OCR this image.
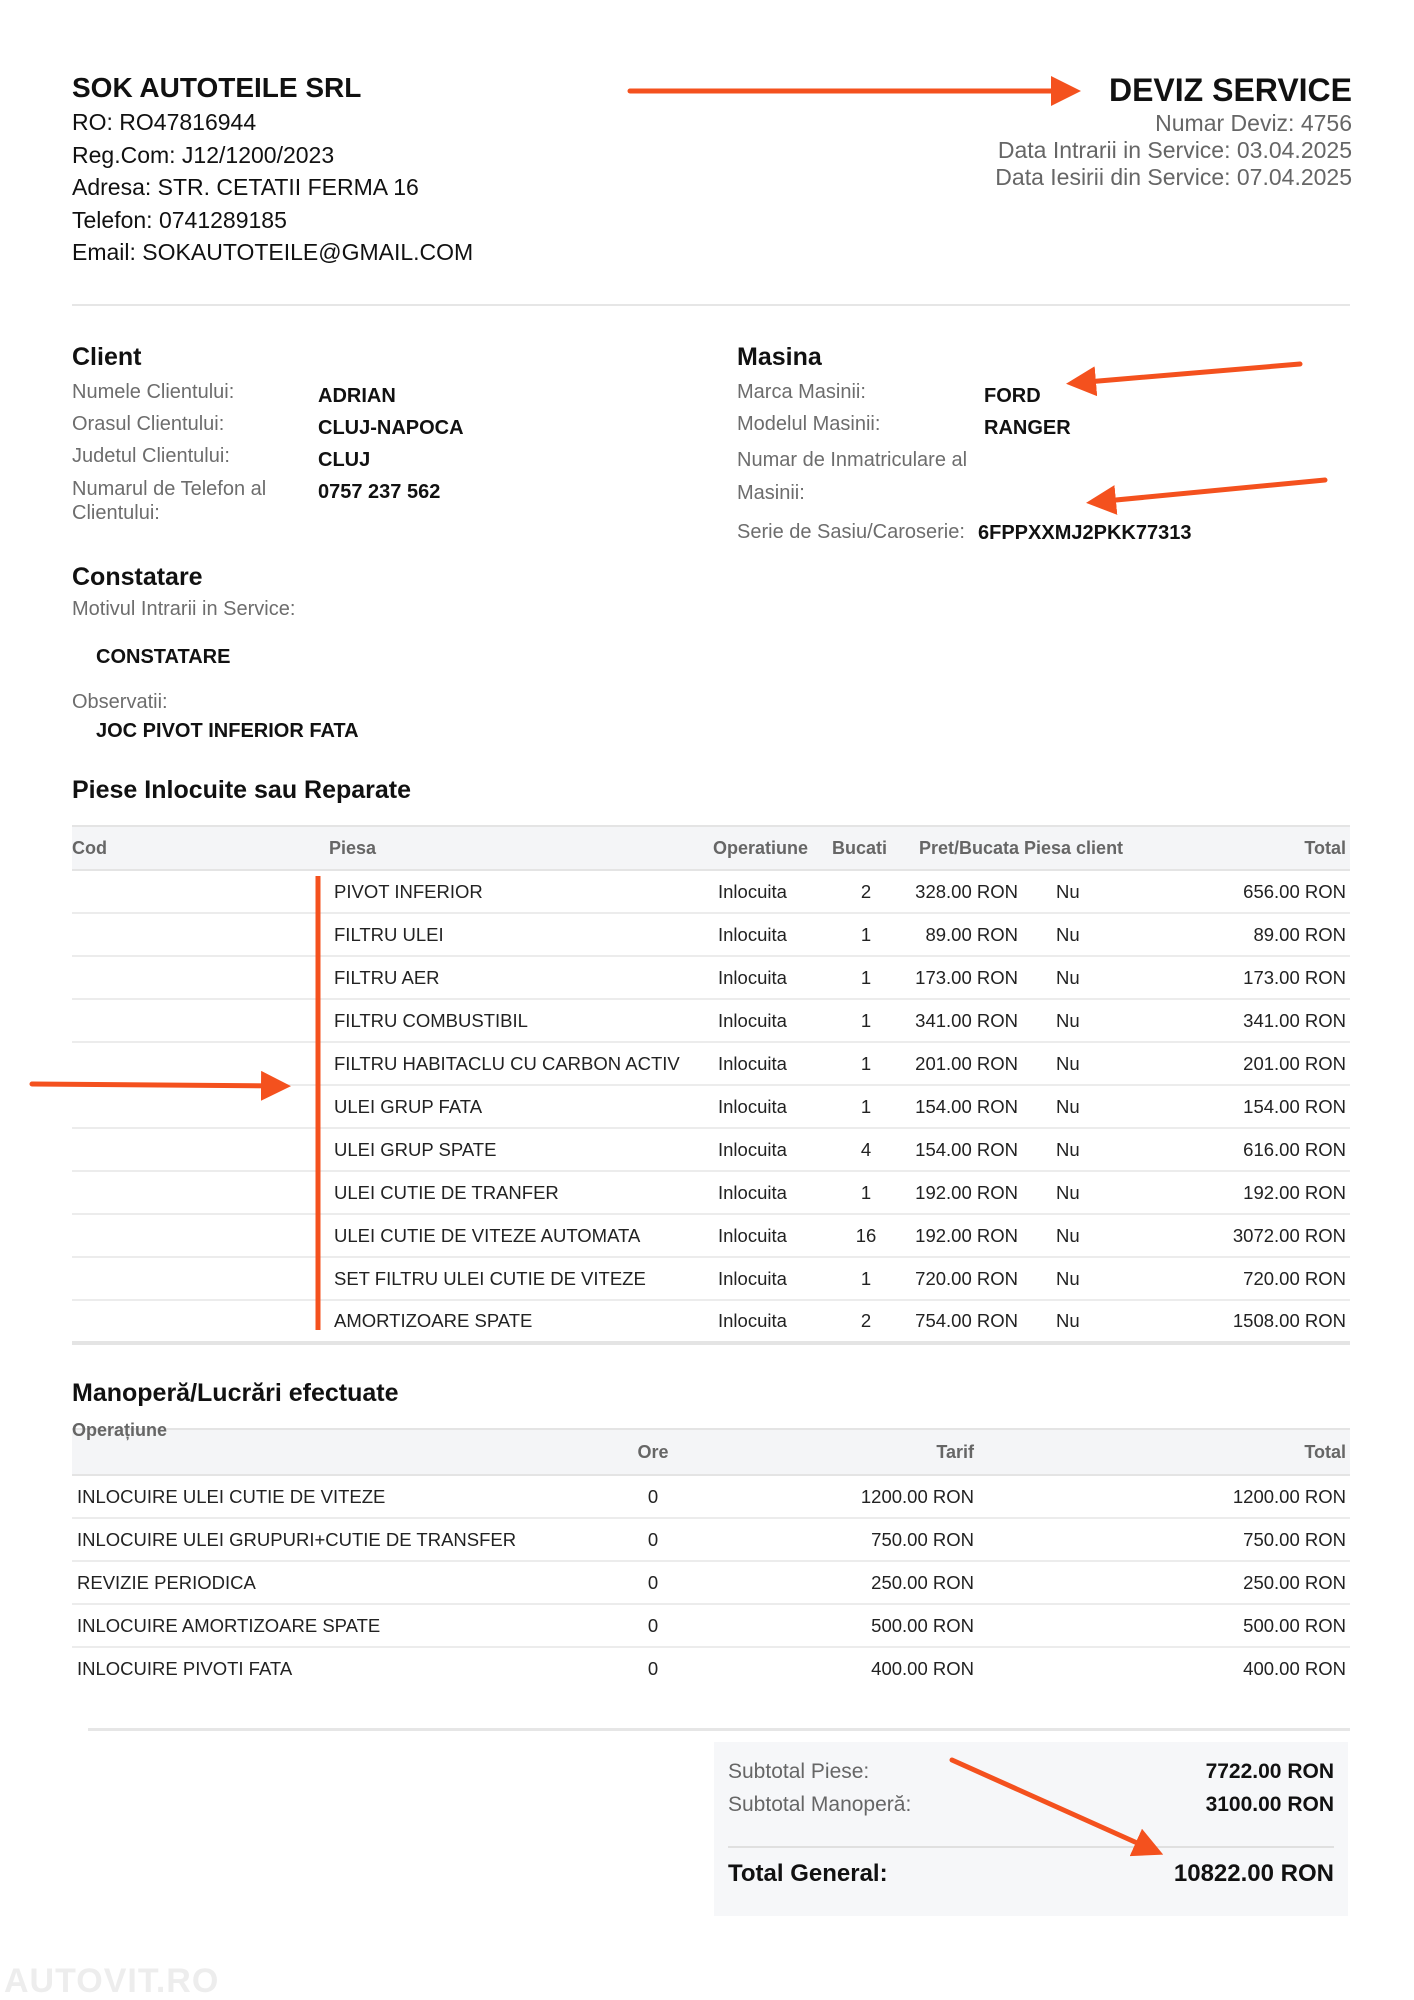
SOK AUTOTEILE SRL
RO: RO47816944
Reg.Com: J12/1200/2023
Adresa: STR. CETATII FERMA 16
Telefon: 0741289185
Email: SOKAUTOTEILE@GMAIL.COM
DEVIZ SERVICE
Numar Deviz: 4756
Data Intrarii in Service: 03.04.2025
Data Iesirii din Service: 07.04.2025
Client
Numele Clientului:	ADRIAN
Orasul Clientului:	CLUJ-NAPOCA
Judetul Clientului:	CLUJ
Numarul de Telefon al
Clientului:
0757 237 562
Masina
Marca Masinii:	FORD
Modelul Masinii:	RANGER
Numar de Inmatriculare al
Masinii:
Serie de Sasiu/Caroserie: 6FPPXXMJ2PKK77313
Constatare
Motivul Intrarii in Service:
CONSTATARE
Observatii:
JOC PIVOT INFERIOR FATA
Piese Inlocuite sau Reparate
Cod	Piesa	Operatiune	Bucati	Pret/Bucata	Piesa client	Total
	PIVOT INFERIOR	Inlocuita	2	328.00 RON	Nu	656.00 RON
	FILTRU ULEI	Inlocuita	1	89.00 RON	Nu	89.00 RON
	FILTRU AER	Inlocuita	1	173.00 RON	Nu	173.00 RON
	FILTRU COMBUSTIBIL	Inlocuita	1	341.00 RON	Nu	341.00 RON
	FILTRU HABITACLU CU CARBON ACTIV	Inlocuita	1	201.00 RON	Nu	201.00 RON
	ULEI GRUP FATA	Inlocuita	1	154.00 RON	Nu	154.00 RON
	ULEI GRUP SPATE	Inlocuita	4	154.00 RON	Nu	616.00 RON
	ULEI CUTIE DE TRANFER	Inlocuita	1	192.00 RON	Nu	192.00 RON
	ULEI CUTIE DE VITEZE AUTOMATA	Inlocuita	16	192.00 RON	Nu	3072.00 RON
	SET FILTRU ULEI CUTIE DE VITEZE	Inlocuita	1	720.00 RON	Nu	720.00 RON
	AMORTIZOARE SPATE	Inlocuita	2	754.00 RON	Nu	1508.00 RON
Manoperă/Lucrări efectuate
	Ore	Tarif	Total
INLOCUIRE ULEI CUTIE DE VITEZE	0	1200.00 RON	1200.00 RON
INLOCUIRE ULEI GRUPURI+CUTIE DE TRANSFER	0	750.00 RON	750.00 RON
REVIZIE PERIODICA	0	250.00 RON	250.00 RON
INLOCUIRE AMORTIZOARE SPATE	0	500.00 RON	500.00 RON
INLOCUIRE PIVOTI FATA	0	400.00 RON	400.00 RON
Operațiune
Subtotal Piese:	7722.00 RON
Subtotal Manoperă:	3100.00 RON
Total General:	10822.00 RON
AUTOVIT.RO
